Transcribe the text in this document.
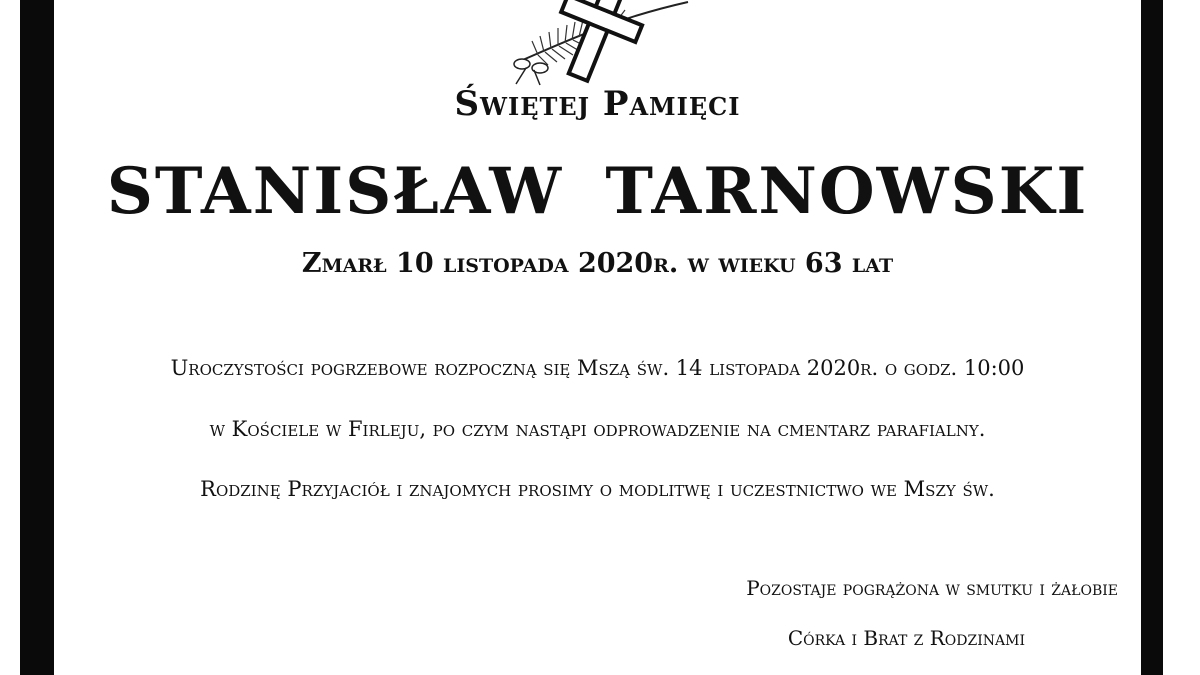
Świętej Pamięci
STANISŁAW TARNOWSKI
Zmarł 10 listopada 2020r. w wieku 63 lat
Uroczystości pogrzebowe rozpoczną się Mszą św. 14 listopada 2020r. o godz. 10:00
w Kościele w Firleju, po czym nastąpi odprowadzenie na cmentarz parafialny.
Rodzinę Przyjaciół i znajomych prosimy o modlitwę i uczestnictwo we Mszy św.
Pozostaje pogrążona w smutku i żałobie
Córka i Brat z Rodzinami
